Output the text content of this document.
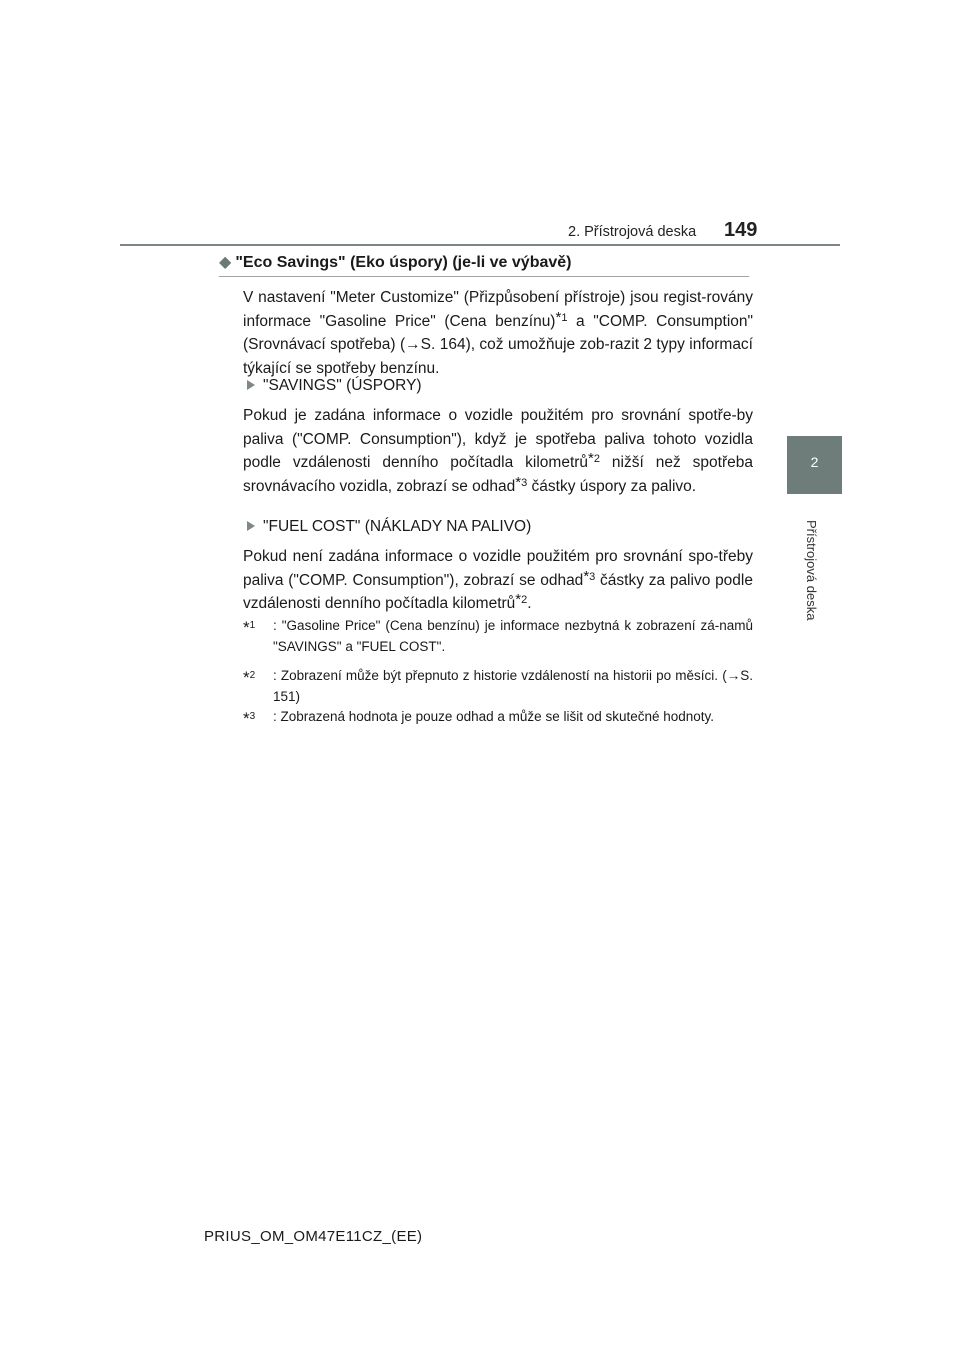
2. Přístrojová deska 149
2
Přístrojová deska
◆ "Eco Savings" (Eko úspory) (je-li ve výbavě)
V nastavení "Meter Customize" (Přizpůsobení přístroje) jsou regist-rovány informace "Gasoline Price" (Cena benzínu)$^{*1}$ a "COMP. Consumption" (Srovnávací spotřeba) (→S. 164), což umožňuje zob-razit 2 typy informací týkající se spotřeby benzínu.
"SAVINGS" (ÚSPORY)
Pokud je zadána informace o vozidle použitém pro srovnání spotře-by paliva ("COMP. Consumption"), když je spotřeba paliva tohoto vozidla podle vzdálenosti denního počítadla kilometrů$^{*2}$ nižší než spotřeba srovnávacího vozidla, zobrazí se odhad$^{*3}$ částky úspory za palivo.
"FUEL COST" (NÁKLADY NA PALIVO)
Pokud není zadána informace o vozidle použitém pro srovnání spo-třeby paliva ("COMP. Consumption"), zobrazí se odhad$^{*3}$ částky za palivo podle vzdálenosti denního počítadla kilometrů$^{*2}$.
*$^1$ : "Gasoline Price" (Cena benzínu) je informace nezbytná k zobrazení zá-namů "SAVINGS" a "FUEL COST".
*$^2$ : Zobrazení může být přepnuto z historie vzdáleností na historii po měsíci. (→S. 151)
*$^3$ : Zobrazená hodnota je pouze odhad a může se lišit od skutečné hodnoty.
PRIUS_OM_OM47E11CZ_(EE)
